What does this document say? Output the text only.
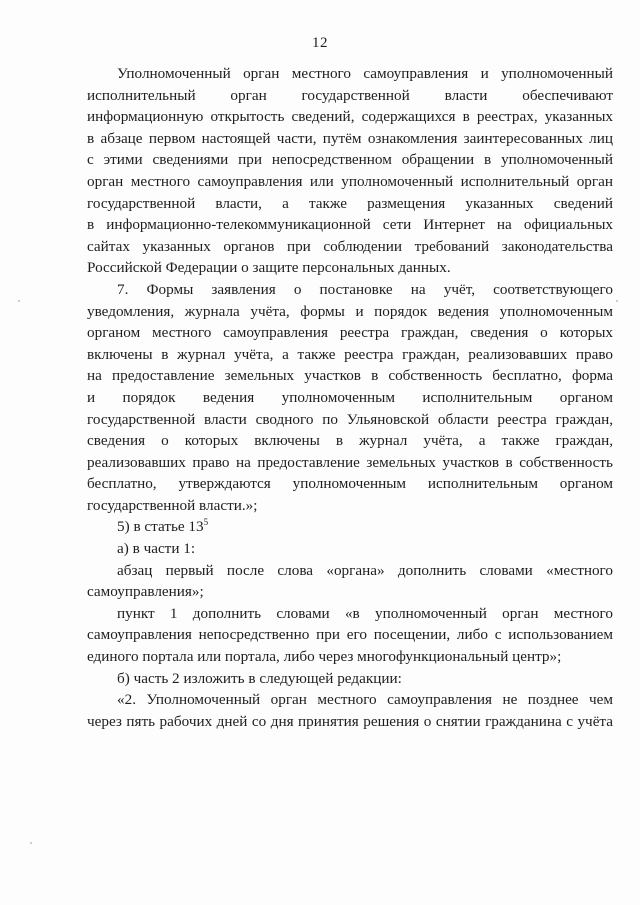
12
Уполномоченный орган местного самоуправления и уполномоченный
исполнительный орган государственной власти обеспечивают
информационную открытость сведений, содержащихся в реестрах, указанных
в абзаце первом настоящей части, путём ознакомления заинтересованных лиц
с этими сведениями при непосредственном обращении в уполномоченный
орган местного самоуправления или уполномоченный исполнительный орган
государственной власти, а также размещения указанных сведений
в информационно-телекоммуникационной сети Интернет на официальных
сайтах указанных органов при соблюдении требований законодательства
Российской Федерации о защите персональных данных.
7. Формы заявления о постановке на учёт, соответствующего
уведомления, журнала учёта, формы и порядок ведения уполномоченным
органом местного самоуправления реестра граждан, сведения о которых
включены в журнал учёта, а также реестра граждан, реализовавших право
на предоставление земельных участков в собственность бесплатно, форма
и порядок ведения уполномоченным исполнительным органом
государственной власти сводного по Ульяновской области реестра граждан,
сведения о которых включены в журнал учёта, а также граждан,
реализовавших право на предоставление земельных участков в собственность
бесплатно, утверждаются уполномоченным исполнительным органом
государственной власти.»;
5) в статье $13^5$
а) в части 1:
абзац первый после слова «органа» дополнить словами «местного
самоуправления»;
пункт 1 дополнить словами «в уполномоченный орган местного
самоуправления непосредственно при его посещении, либо с использованием
единого портала или портала, либо через многофункциональный центр»;
б) часть 2 изложить в следующей редакции:
«2. Уполномоченный орган местного самоуправления не позднее чем
через пять рабочих дней со дня принятия решения о снятии гражданина с учёта
